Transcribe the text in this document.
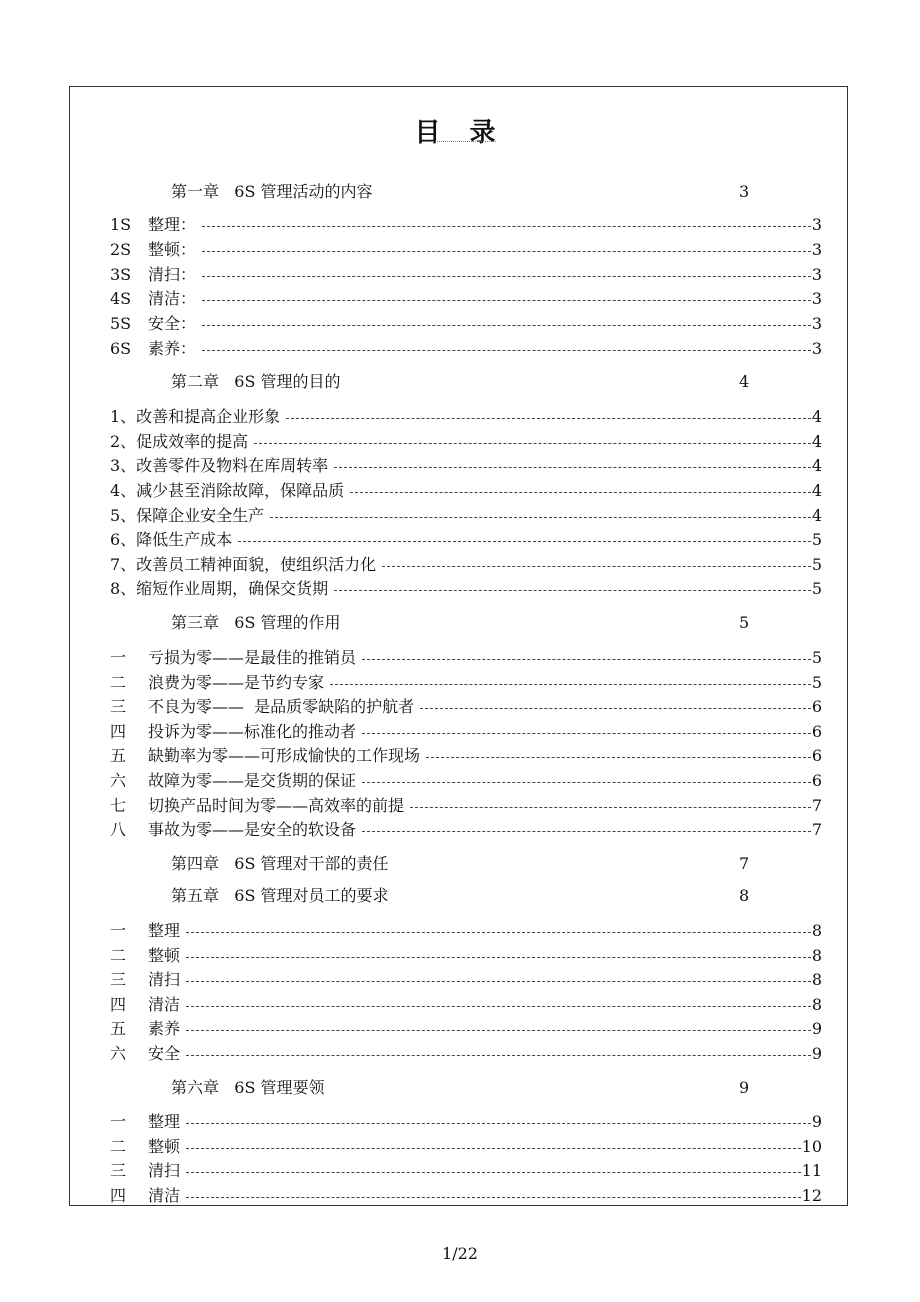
目 录
第一章   6S 管理活动的内容	3
1S	整理：	3
2S	整顿：	3
3S	清扫：	3
4S	清洁：	3
5S	安全：	3
6S	素养：	3
第二章   6S 管理的目的	4
1、改善和提高企业形象	4
2、促成效率的提高	4
3、改善零件及物料在库周转率	4
4、减少甚至消除故障，保障品质	4
5、保障企业安全生产	4
6、降低生产成本	5
7、改善员工精神面貌，使组织活力化	5
8、缩短作业周期，确保交货期	5
第三章   6S 管理的作用	5
一	亏损为零——是最佳的推销员	5
二	浪费为零——是节约专家	5
三	不良为零——  是品质零缺陷的护航者	6
四	投诉为零——标准化的推动者	6
五	缺勤率为零——可形成愉快的工作现场	6
六	故障为零——是交货期的保证	6
七	切换产品时间为零——高效率的前提	7
八	事故为零——是安全的软设备	7
第四章   6S 管理对干部的责任	7
第五章   6S 管理对员工的要求	8
一	整理	8
二	整顿	8
三	清扫	8
四	清洁	8
五	素养	9
六	安全	9
第六章   6S 管理要领	9
一	整理	9
二	整顿	10
三	清扫	11
四	清洁	12
1/22
